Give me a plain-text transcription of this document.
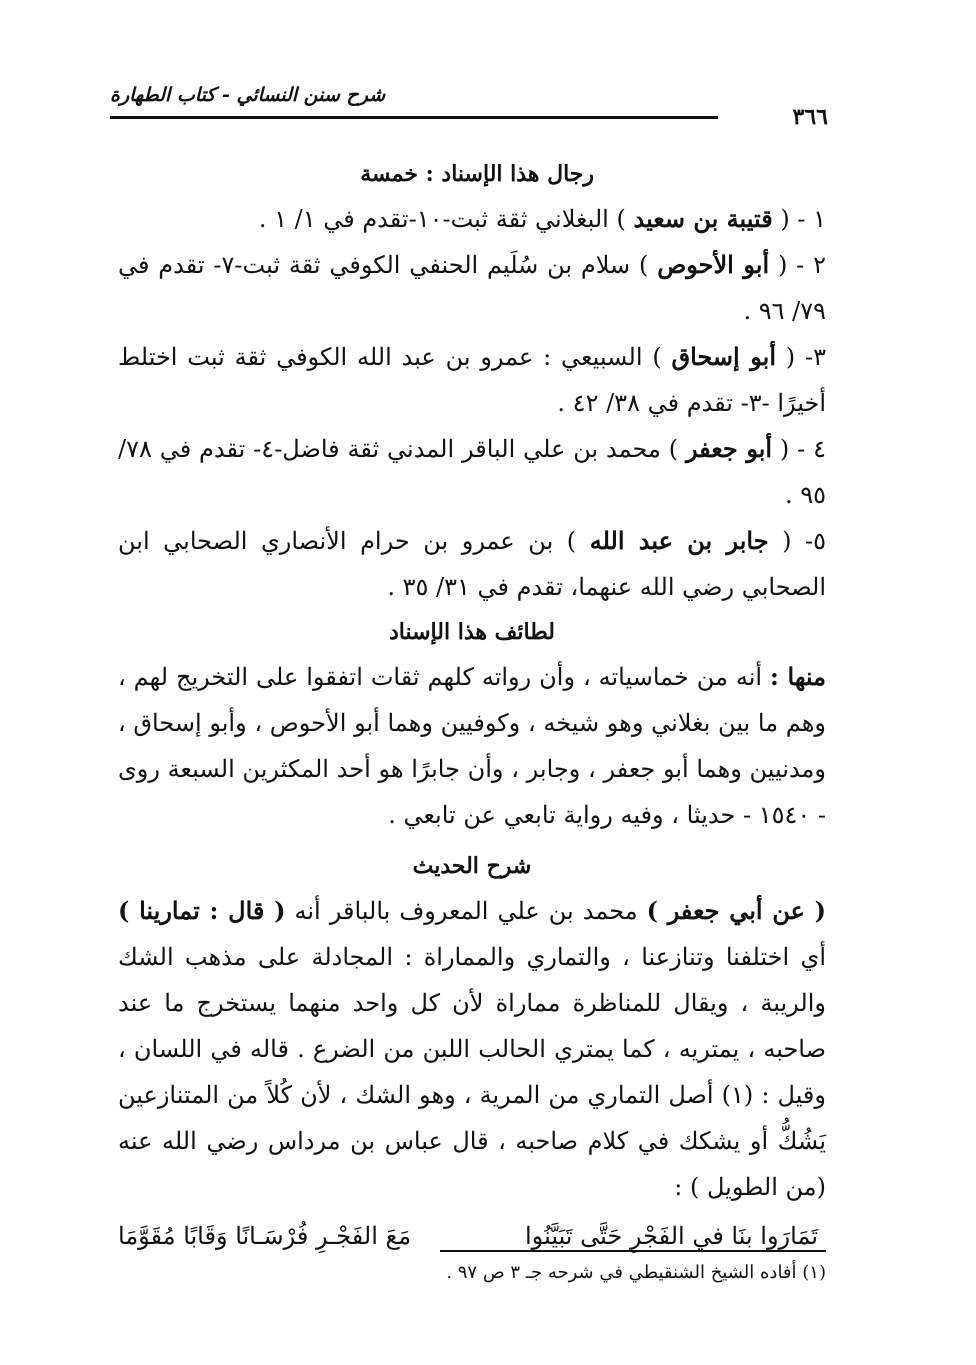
شرح سنن النسائي - كتاب الطهارة
٣٦٦
رجال هذا الإسناد : خمسة

١ - ( قتيبة بن سعيد ) البغلاني ثقة ثبت-١٠-تقدم في ١/ ١ .

٢ - ( أبو الأحوص ) سلام بن سُلَيم الحنفي الكوفي ثقة ثبت-٧- تقدم في ٧٩/ ٩٦ .

٣- ( أبو إسحاق ) السبيعي : عمرو بن عبد الله الكوفي ثقة ثبت اختلط أخيرًا -٣- تقدم في ٣٨/ ٤٢ .

٤ - ( أبو جعفر ) محمد بن علي الباقر المدني ثقة فاضل-٤- تقدم في ٧٨/ ٩٥ .

٥- ( جابر بن عبد الله ) بن عمرو بن حرام الأنصاري الصحابي ابن الصحابي رضي الله عنهما، تقدم في ٣١/ ٣٥ .

لطائف هذا الإسناد

منها : أنه من خماسياته ، وأن رواته كلهم ثقات اتفقوا على التخريج لهم ، وهم ما بين بغلاني وهو شيخه ، وكوفيين وهما أبو الأحوص ، وأبو إسحاق ، ومدنيين وهما أبو جعفر ، وجابر ، وأن جابرًا هو أحد المكثرين السبعة روى - ١٥٤٠ - حديثا ، وفيه رواية تابعي عن تابعي .

شرح الحديث

( عن أبي جعفر ) محمد بن علي المعروف بالباقر أنه ( قال : تمارينا ) أي اختلفنا وتنازعنا ، والتماري والمماراة : المجادلة على مذهب الشك والريبة ، ويقال للمناظرة مماراة لأن كل واحد منهما يستخرج ما عند صاحبه ، يمتريه ، كما يمتري الحالب اللبن من الضرع . قاله في اللسان ، وقيل : (١) أصل التماري من المرية ، وهو الشك ، لأن كُلاً من المتنازعين يَشُكُّ أو يشكك في كلام صاحبه ، قال عباس بن مرداس رضي الله عنه (من الطويل ) :

تَمَارَوا بنَا في الفَجْرِ حَتَّى تَبَيَّنُوا
مَعَ الفَجْـرِ فُرْسَـانًا وَقَابًا مُقَوَّمَا
(١) أفاده الشيخ الشنقيطي في شرحه جـ ٣ ص ٩٧ .
